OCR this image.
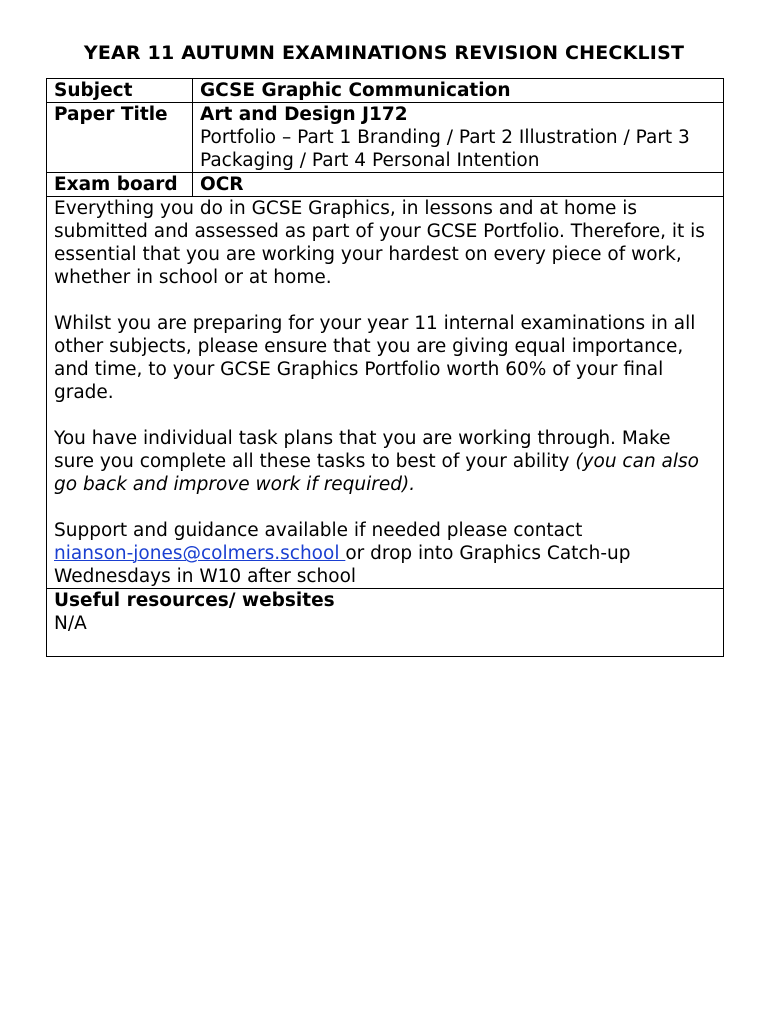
YEAR 11 AUTUMN EXAMINATIONS REVISION CHECKLIST
Subject	GCSE Graphic Communication
Paper Title	Art and Design J172
Portfolio – Part 1 Branding / Part 2 Illustration / Part 3 Packaging / Part 4 Personal Intention

Exam board	OCR

Everything you do in GCSE Graphics, in lessons and at home is submitted and assessed as part of your GCSE Portfolio. Therefore, it is essential that you are working your hardest on every piece of work, whether in school or at home.

Whilst you are preparing for your year 11 internal examinations in all other subjects, please ensure that you are giving equal importance, and time, to your GCSE Graphics Portfolio worth 60% of your final grade.

You have individual task plans that you are working through. Make sure you complete all these tasks to best of your ability (you can also go back and improve work if required).

Support and guidance available if needed please contact
nianson-jones@colmers.school or drop into Graphics Catch-up Wednesdays in W10 after school	

Useful resources/ websites
N/A	
